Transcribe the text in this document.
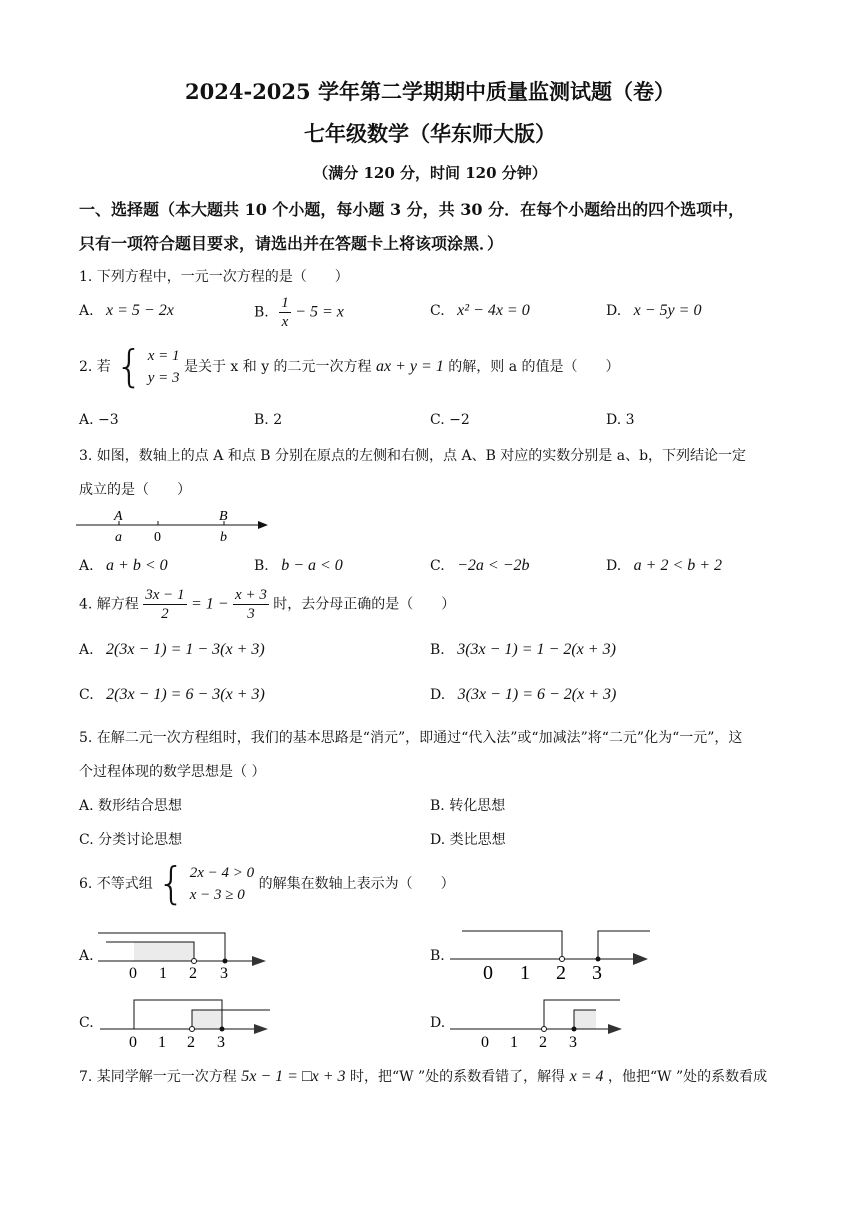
2024-2025 学年第二学期期中质量监测试题（卷）
七年级数学（华东师大版）
（满分 120 分，时间 120 分钟）
一、选择题（本大题共 10 个小题，每小题 3 分，共 30 分．在每个小题给出的四个选项中，
只有一项符合题目要求，请选出并在答题卡上将该项涂黑．）
1. 下列方程中，一元一次方程的是（　　）
A. x = 5 − 2x	B. $\frac{1}{x} - 5 = x$	C. x² − 4x = 0	D. x − 5y = 0
2. 若 { x = 1
y = 3
是关于 x 和 y 的二元一次方程 ax + y = 1 的解，则 a 的值是（　　）
A. −3	B. 2	C. −2	D. 3
3. 如图，数轴上的点 A 和点 B 分别在原点的左侧和右侧，点 A、B 对应的实数分别是 a、b，下列结论一定
成立的是（　　）
A	B
a 0	b
A. a + b < 0	B. b − a < 0	C. −2a < −2b	D. a + 2 < b + 2
4. 解方程 $\frac{3x - 1}{2} = 1 - \frac{x + 3}{3}$ 时，去分母正确的是（　　）
A. 2(3x − 1) = 1 − 3(x + 3)	B. 3(3x − 1) = 1 − 2(x + 3)
C. 2(3x − 1) = 6 − 3(x + 3)	D. 3(3x − 1) = 6 − 2(x + 3)
5. 在解二元一次方程组时，我们的基本思路是“消元”，即通过“代入法”或“加减法”将“二元”化为“一元”，这
个过程体现的数学思想是（ ）
A. 数形结合思想	B. 转化思想
C. 分类讨论思想	D. 类比思想
6. 不等式组 { 2x − 4 > 0
x − 3 ≥ 0
的解集在数轴上表示为（　　）
A.
0 1 2 3
B.
0 1 2 3
C.
0 1 2 3
D.
0 1 2 3
7. 某同学解一元一次方程 5x − 1 = □x + 3 时，把“W ”处的系数看错了，解得 x = 4 ，他把“W ”处的系数看成
